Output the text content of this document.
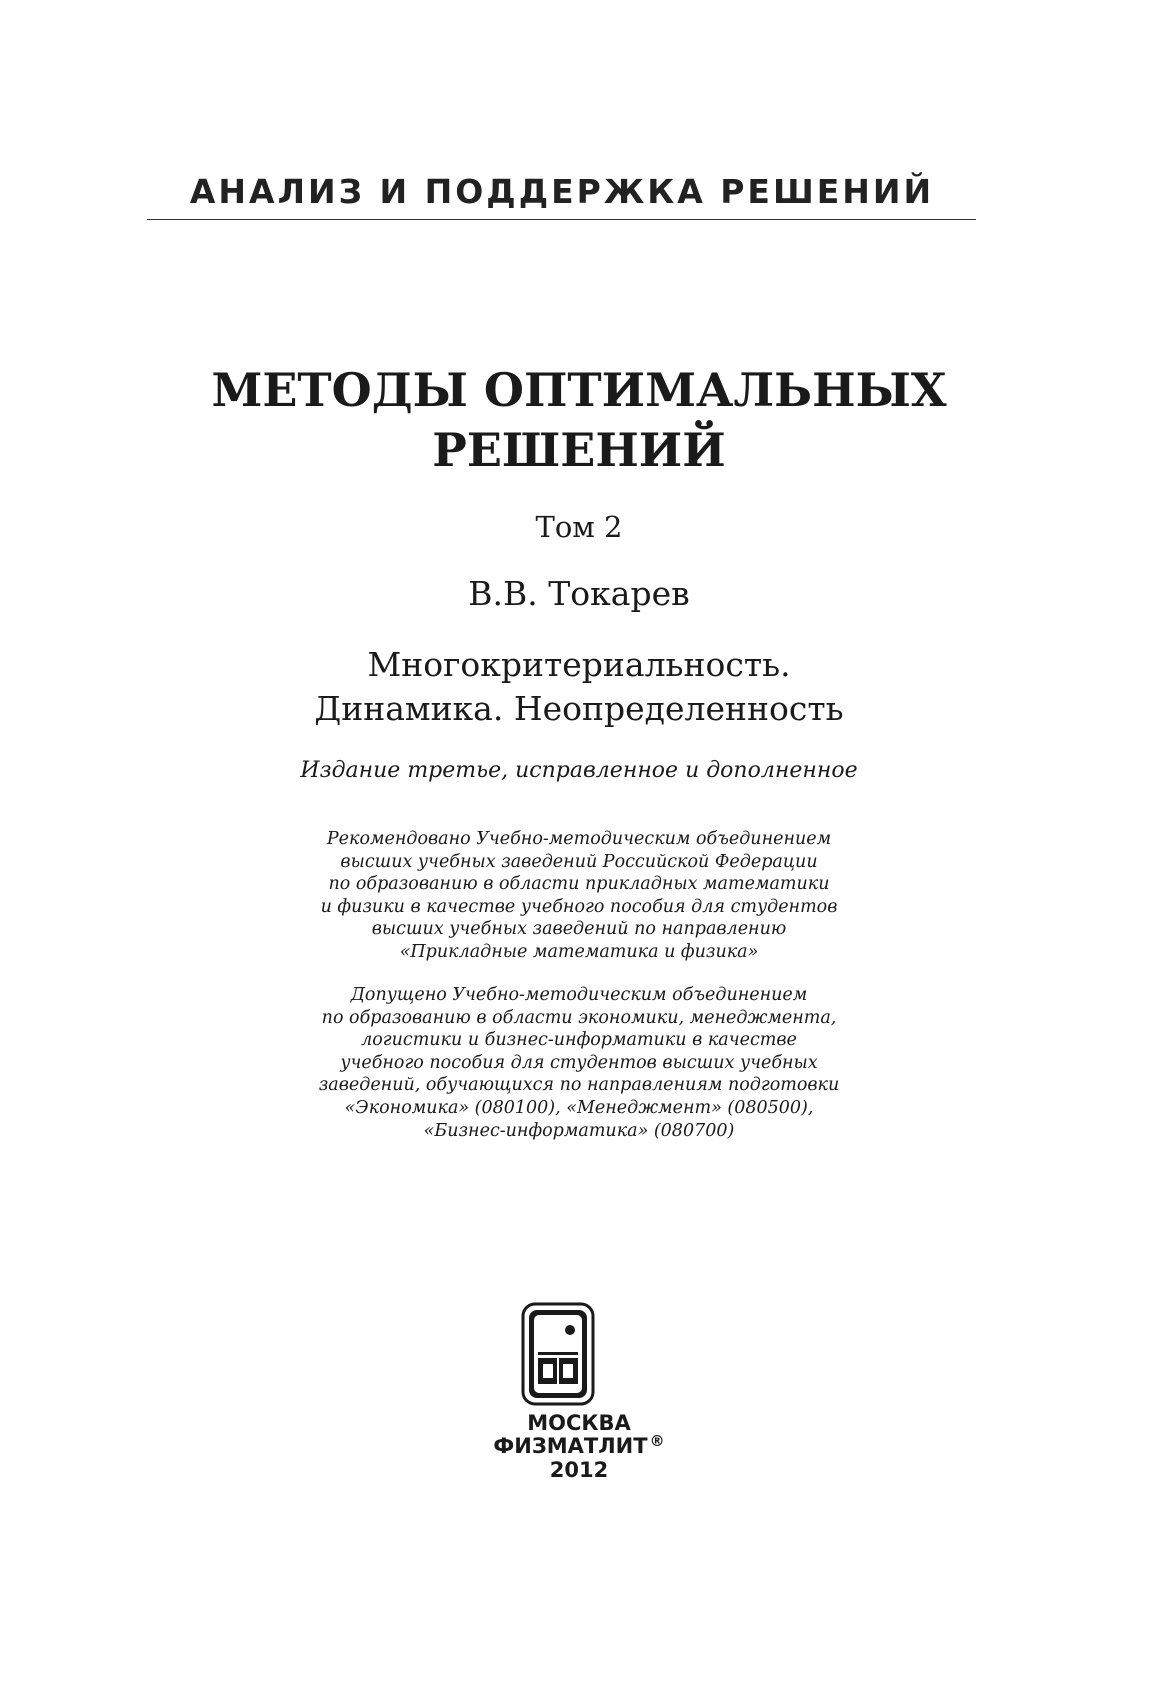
АНАЛИЗ И ПОДДЕРЖКА РЕШЕНИЙ
МЕТОДЫ ОПТИМАЛЬНЫХ
РЕШЕНИЙ
Том 2
В.В. Токарев
Многокритериальность.
Динамика. Неопределенность
Издание третье, исправленное и дополненное
Рекомендовано Учебно-методическим объединением
высших учебных заведений Российской Федерации
по образованию в области прикладных математики
и физики в качестве учебного пособия для студентов
высших учебных заведений по направлению
«Прикладные математика и физика»
Допущено Учебно-методическим объединением
по образованию в области экономики, менеджмента,
логистики и бизнес-информатики в качестве
учебного пособия для студентов высших учебных
заведений, обучающихся по направлениям подготовки
«Экономика» (080100), «Менеджмент» (080500),
«Бизнес-информатика» (080700)
МОСКВА
ФИЗМАТЛИТ ®
2012
